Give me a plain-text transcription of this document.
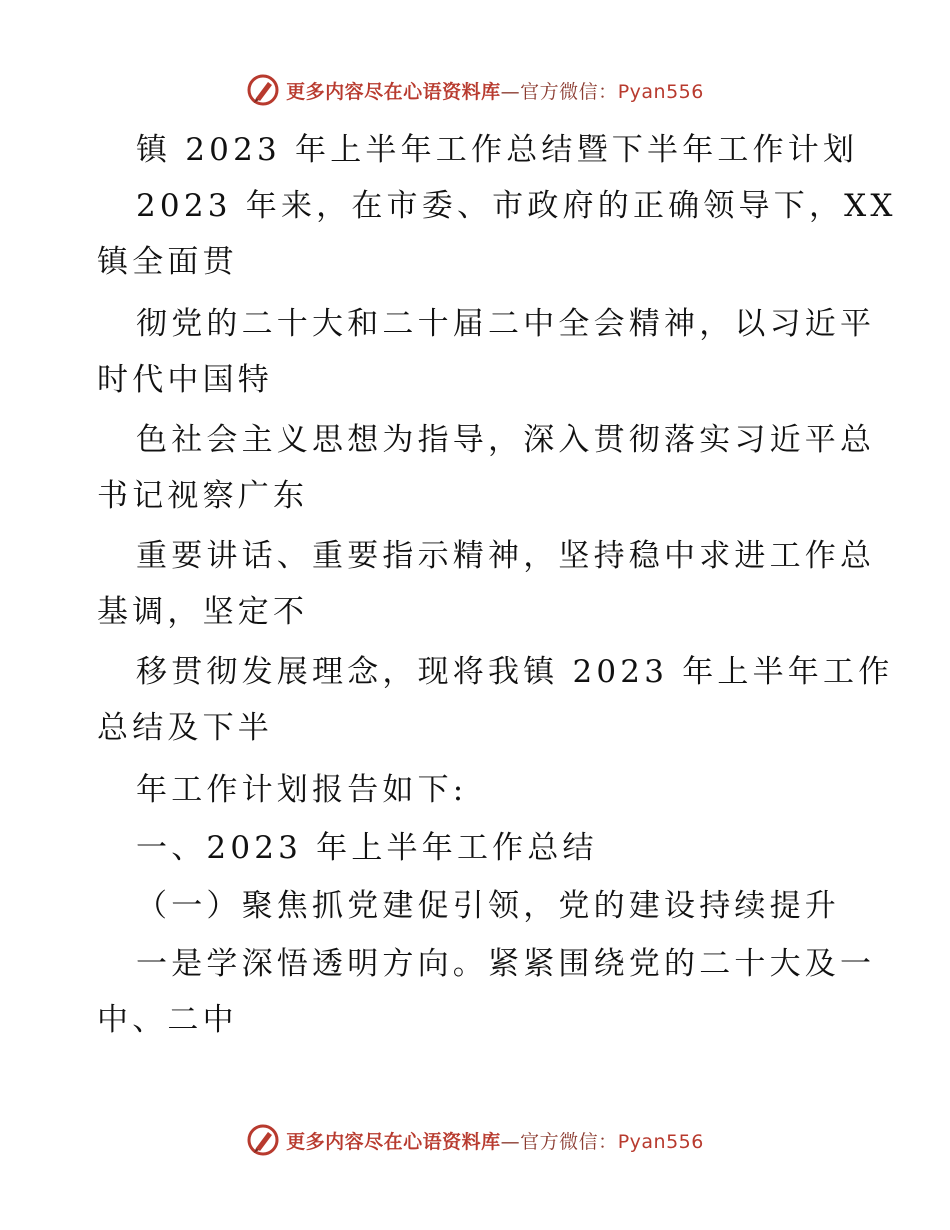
更多内容尽在心语资料库—官方微信：Pyan556
镇 2023 年上半年工作总结暨下半年工作计划
2023 年来，在市委、市政府的正确领导下，XX
镇全面贯
彻党的二十大和二十届二中全会精神，以习近平
时代中国特
色社会主义思想为指导，深入贯彻落实习近平总
书记视察广东
重要讲话、重要指示精神，坚持稳中求进工作总
基调，坚定不
移贯彻发展理念，现将我镇 2023 年上半年工作
总结及下半
年工作计划报告如下:
一、2023 年上半年工作总结
（一）聚焦抓党建促引领，党的建设持续提升
一是学深悟透明方向。紧紧围绕党的二十大及一
中、二中
更多内容尽在心语资料库—官方微信：Pyan556
